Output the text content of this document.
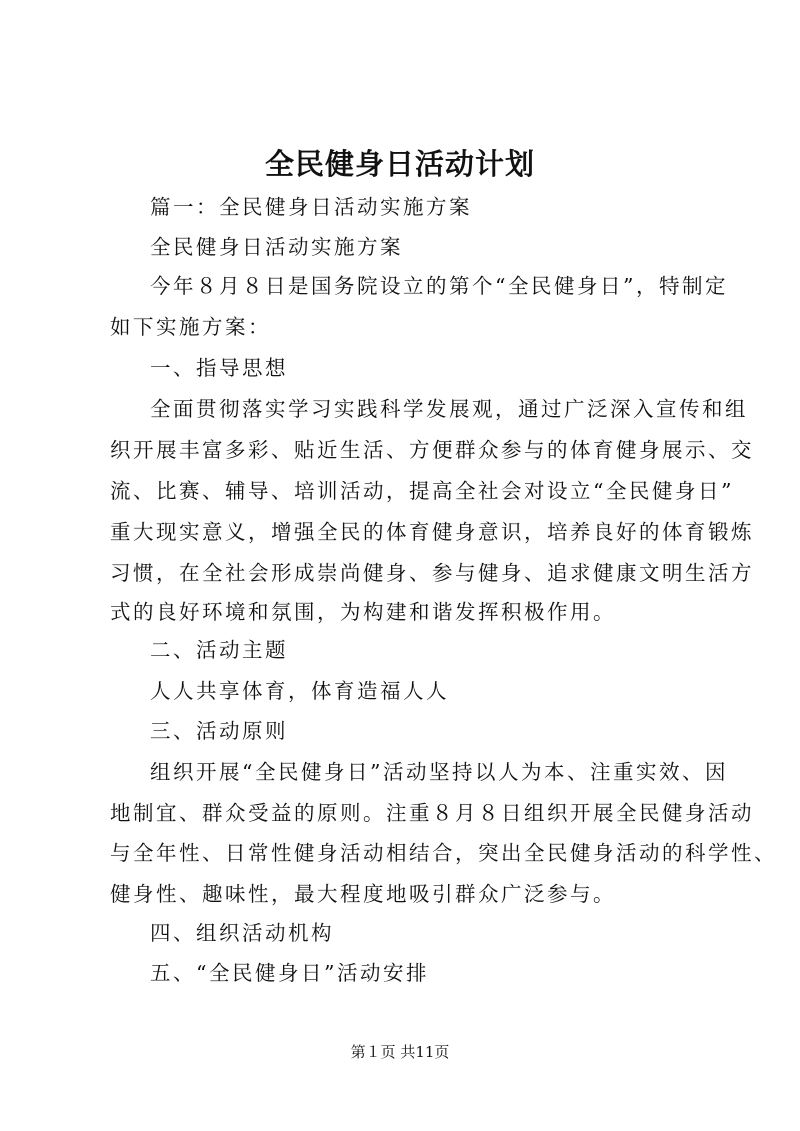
全民健身日活动计划
篇一：全民健身日活动实施方案
全民健身日活动实施方案
今年８月８日是国务院设立的第个“全民健身日”，特制定
如下实施方案：
一、指导思想
全面贯彻落实学习实践科学发展观，通过广泛深入宣传和组
织开展丰富多彩、贴近生活、方便群众参与的体育健身展示、交
流、比赛、辅导、培训活动，提高全社会对设立“全民健身日”
重大现实意义，增强全民的体育健身意识，培养良好的体育锻炼
习惯，在全社会形成崇尚健身、参与健身、追求健康文明生活方
式的良好环境和氛围，为构建和谐发挥积极作用。
二、活动主题
人人共享体育，体育造福人人
三、活动原则
组织开展“全民健身日”活动坚持以人为本、注重实效、因
地制宜、群众受益的原则。注重８月８日组织开展全民健身活动
与全年性、日常性健身活动相结合，突出全民健身活动的科学性、
健身性、趣味性，最大程度地吸引群众广泛参与。
四、组织活动机构
五、“全民健身日”活动安排
第１页 共11页
